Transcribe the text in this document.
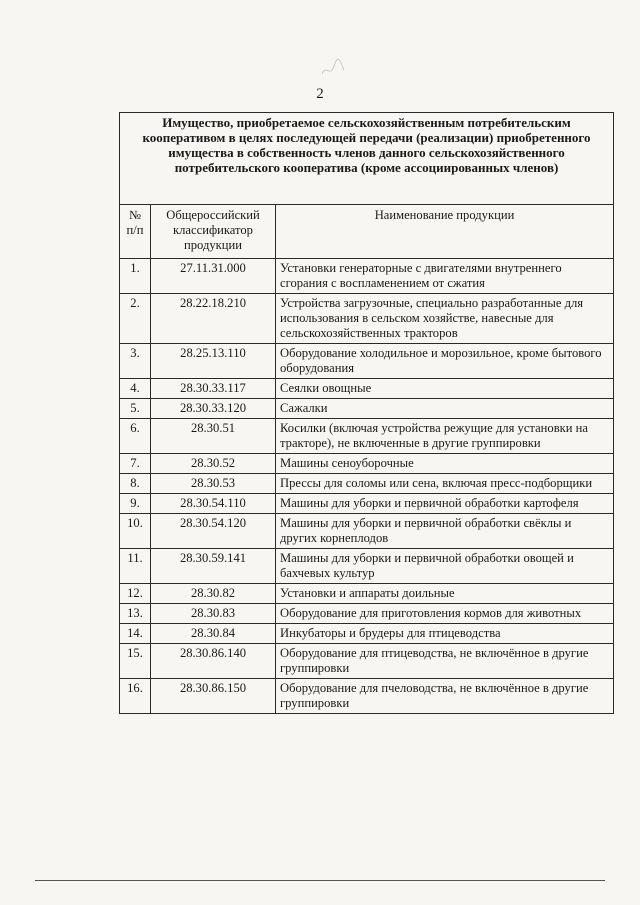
2
Имущество, приобретаемое сельскохозяйственным потребительским кооперативом в целях последующей передачи (реализации) приобретенного имущества в собственность членов данного сельскохозяйственного потребительского кооператива (кроме ассоциированных членов)		
№ п/п	Общероссийский классификатор продукции	Наименование продукции
1.	27.11.31.000	Установки генераторные с двигателями внутреннего сгорания с воспламенением от сжатия
2.	28.22.18.210	Устройства загрузочные, специально разработанные для использования в сельском хозяйстве, навесные для сельскохозяйственных тракторов
3.	28.25.13.110	Оборудование холодильное и морозильное, кроме бытового оборудования
4.	28.30.33.117	Сеялки овощные
5.	28.30.33.120	Сажалки
6.	28.30.51	Косилки (включая устройства режущие для установки на тракторе), не включенные в другие группировки
7.	28.30.52	Машины сеноуборочные
8.	28.30.53	Прессы для соломы или сена, включая пресс-подборщики
9.	28.30.54.110	Машины для уборки и первичной обработки картофеля
10.	28.30.54.120	Машины для уборки и первичной обработки свёклы и других корнеплодов
11.	28.30.59.141	Машины для уборки и первичной обработки овощей и бахчевых культур
12.	28.30.82	Установки и аппараты доильные
13.	28.30.83	Оборудование для приготовления кормов для животных
14.	28.30.84	Инкубаторы и брудеры для птицеводства
15.	28.30.86.140	Оборудование для птицеводства, не включённое в другие группировки
16.	28.30.86.150	Оборудование для пчеловодства, не включённое в другие группировки
